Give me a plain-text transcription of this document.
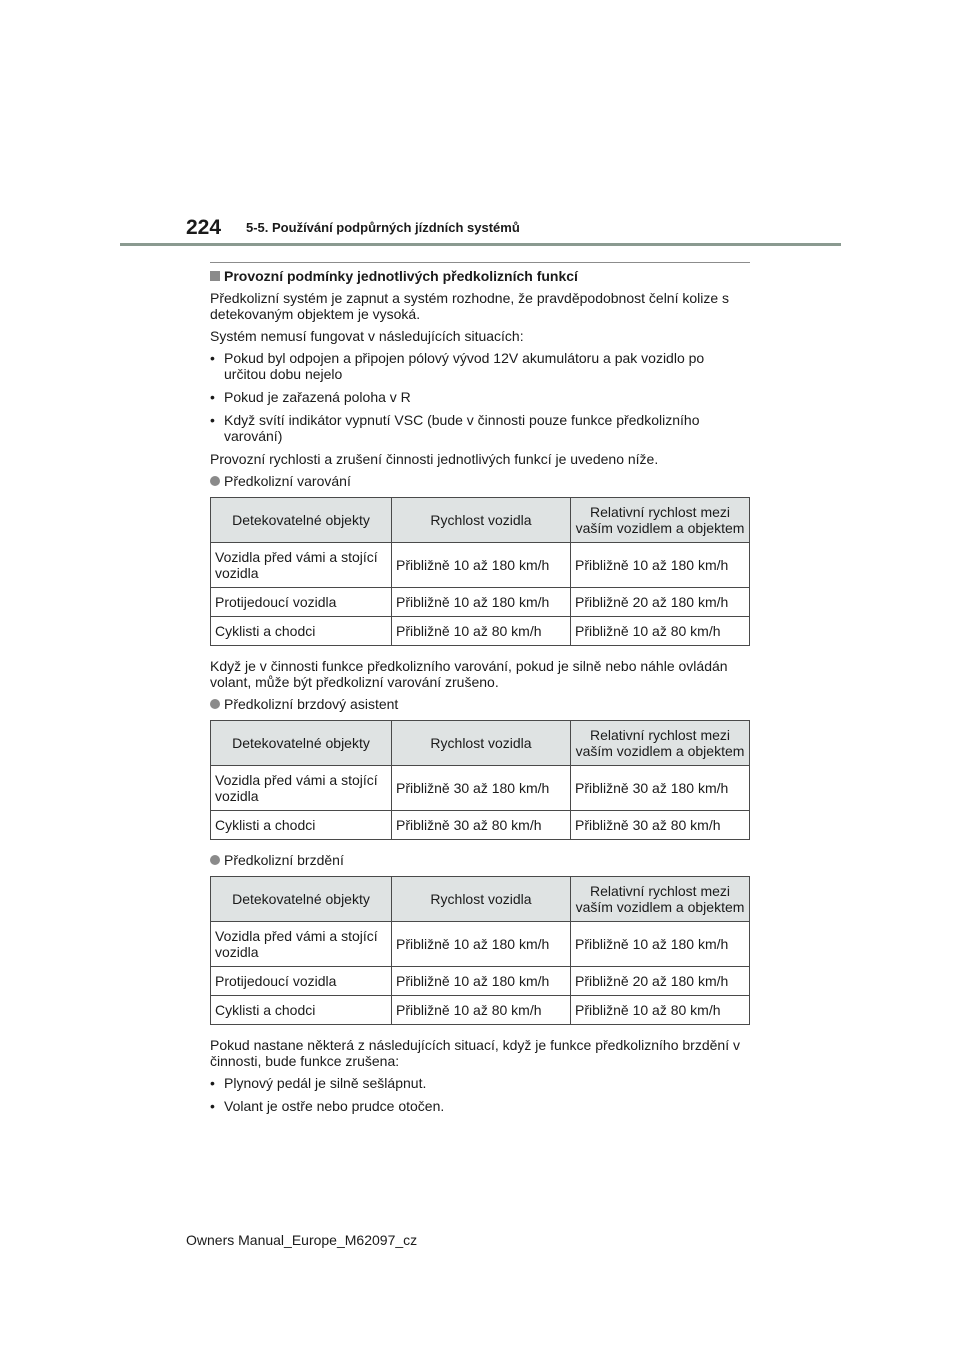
224 5-5. Používání podpůrných jízdních systémů
Provozní podmínky jednotlivých předkolizních funkcí

Předkolizní systém je zapnut a systém rozhodne, že pravděpodobnost čelní kolize s detekovaným objektem je vysoká.

Systém nemusí fungovat v následujících situacích:

• Pokud byl odpojen a připojen pólový vývod 12V akumulátoru a pak vozidlo po určitou dobu nejelo
• Pokud je zařazená poloha v R
• Když svítí indikátor vypnutí VSC (bude v činnosti pouze funkce předkolizního varování)

Provozní rychlosti a zrušení činnosti jednotlivých funkcí je uvedeno níže.

Předkolizní varování
Detekovatelné objekty	Rychlost vozidla	Relativní rychlost mezi vaším vozidlem a objektem
Vozidla před vámi a stojící vozidla	Přibližně 10 až 180 km/h	Přibližně 10 až 180 km/h
Protijedoucí vozidla	Přibližně 10 až 180 km/h	Přibližně 20 až 180 km/h
Cyklisti a chodci	Přibližně 10 až 80 km/h	Přibližně 10 až 80 km/h

Když je v činnosti funkce předkolizního varování, pokud je silně nebo náhle ovládán volant, může být předkolizní varování zrušeno.

Předkolizní brzdový asistent
Detekovatelné objekty	Rychlost vozidla	Relativní rychlost mezi vaším vozidlem a objektem
Vozidla před vámi a stojící vozidla	Přibližně 30 až 180 km/h	Přibližně 30 až 180 km/h
Cyklisti a chodci	Přibližně 30 až 80 km/h	Přibližně 30 až 80 km/h
Předkolizní brzdění
Detekovatelné objekty	Rychlost vozidla	Relativní rychlost mezi vaším vozidlem a objektem
Vozidla před vámi a stojící vozidla	Přibližně 10 až 180 km/h	Přibližně 10 až 180 km/h
Protijedoucí vozidla	Přibližně 10 až 180 km/h	Přibližně 20 až 180 km/h
Cyklisti a chodci	Přibližně 10 až 80 km/h	Přibližně 10 až 80 km/h

Pokud nastane některá z následujících situací, když je funkce předkolizního brzdění v činnosti, bude funkce zrušena:

• Plynový pedál je silně sešlápnut.
• Volant je ostře nebo prudce otočen.
Owners Manual_Europe_M62097_cz
